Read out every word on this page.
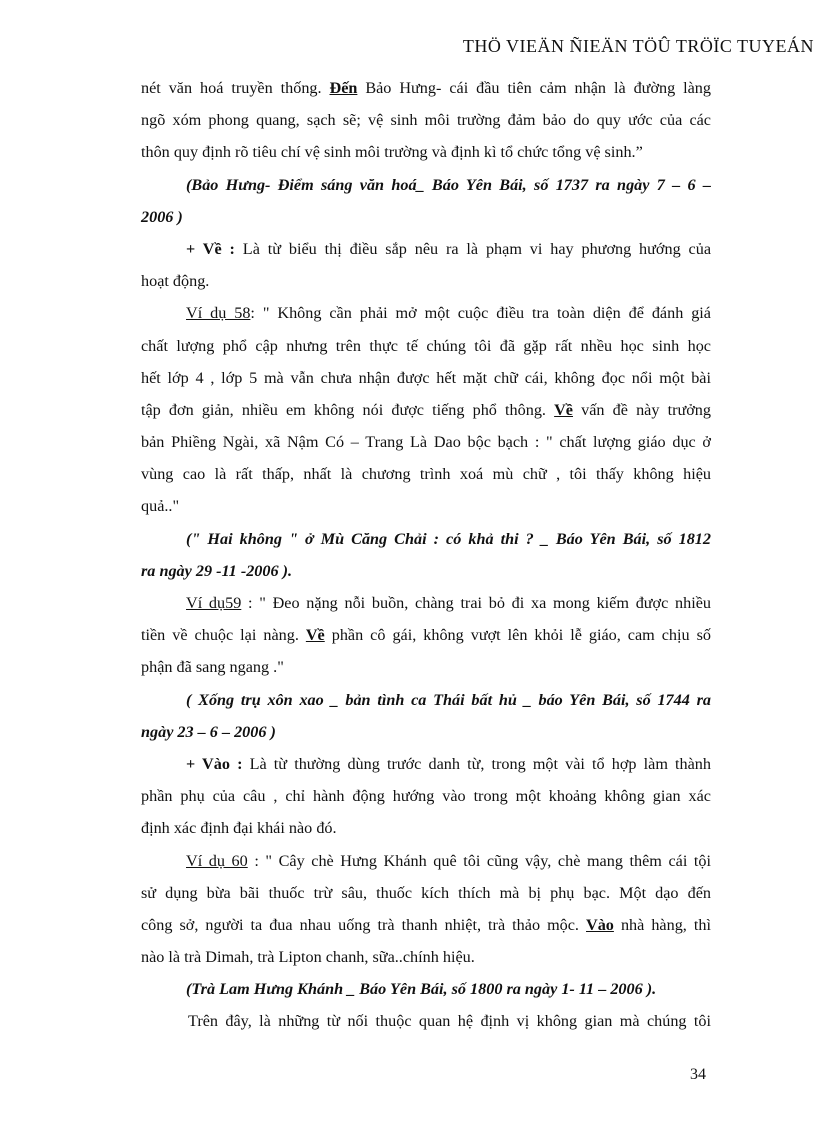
THÖ VIEÄN ÑIEÄN TÖÛ TRÖÏC TUYEÁN
nét văn hoá truyền thống. Đến Bảo Hưng- cái đầu tiên cảm nhận là đường làng
ngõ xóm phong quang, sạch sẽ; vệ sinh môi trường đảm bảo do quy ước của các
thôn quy định rõ tiêu chí vệ sinh môi trường và định kì tổ chức tổng vệ sinh.”
(Bảo Hưng- Điểm sáng văn hoá_ Báo Yên Bái, số 1737 ra ngày 7 – 6 –
2006 )
+ Về : Là từ biểu thị điều sắp nêu ra là phạm vi hay phương hướng của
hoạt động.
Ví dụ 58: " Không cần phải mở một cuộc điều tra toàn diện để đánh giá
chất lượng phổ cập nhưng trên thực tế chúng tôi đã gặp rất nhều học sinh học
hết lớp 4 , lớp 5 mà vẫn chưa nhận được hết mặt chữ cái, không đọc nổi một bài
tập đơn giản, nhiều em không nói được tiếng phổ thông. Về vấn đề này trưởng
bản Phiềng Ngài, xã Nậm Có – Trang Là Dao bộc bạch : " chất lượng giáo dục ở
vùng cao là rất thấp, nhất là chương trình xoá mù chữ , tôi thấy không hiệu
quả.."
(" Hai không " ở Mù Căng Chải : có khả thi ? _ Báo Yên Bái, số 1812
ra ngày 29 -11 -2006 ).
Ví dụ59 : " Đeo nặng nỗi buồn, chàng trai bỏ đi xa mong kiếm được nhiều
tiền về chuộc lại nàng. Về phần cô gái, không vượt lên khỏi lễ giáo, cam chịu số
phận đã sang ngang ."
( Xống trụ xôn xao _ bản tình ca Thái bất hủ _ báo Yên Bái, số 1744 ra
ngày 23 – 6 – 2006 )
+ Vào : Là từ thường dùng trước danh từ, trong một vài tổ hợp làm thành
phần phụ của câu , chỉ hành động hướng vào trong một khoảng không gian xác
định xác định đại khái nào đó.
Ví dụ 60 : " Cây chè Hưng Khánh quê tôi cũng vậy, chè mang thêm cái tội
sử dụng bừa bãi thuốc trừ sâu, thuốc kích thích mà bị phụ bạc. Một dạo đến
công sở, người ta đua nhau uống trà thanh nhiệt, trà thảo mộc. Vào nhà hàng, thì
nào là trà Dimah, trà Lipton chanh, sữa..chính hiệu.
(Trà Lam Hưng Khánh _ Báo Yên Bái, số 1800 ra ngày 1- 11 – 2006 ).
Trên đây, là những từ nối thuộc quan hệ định vị không gian mà chúng tôi
34
